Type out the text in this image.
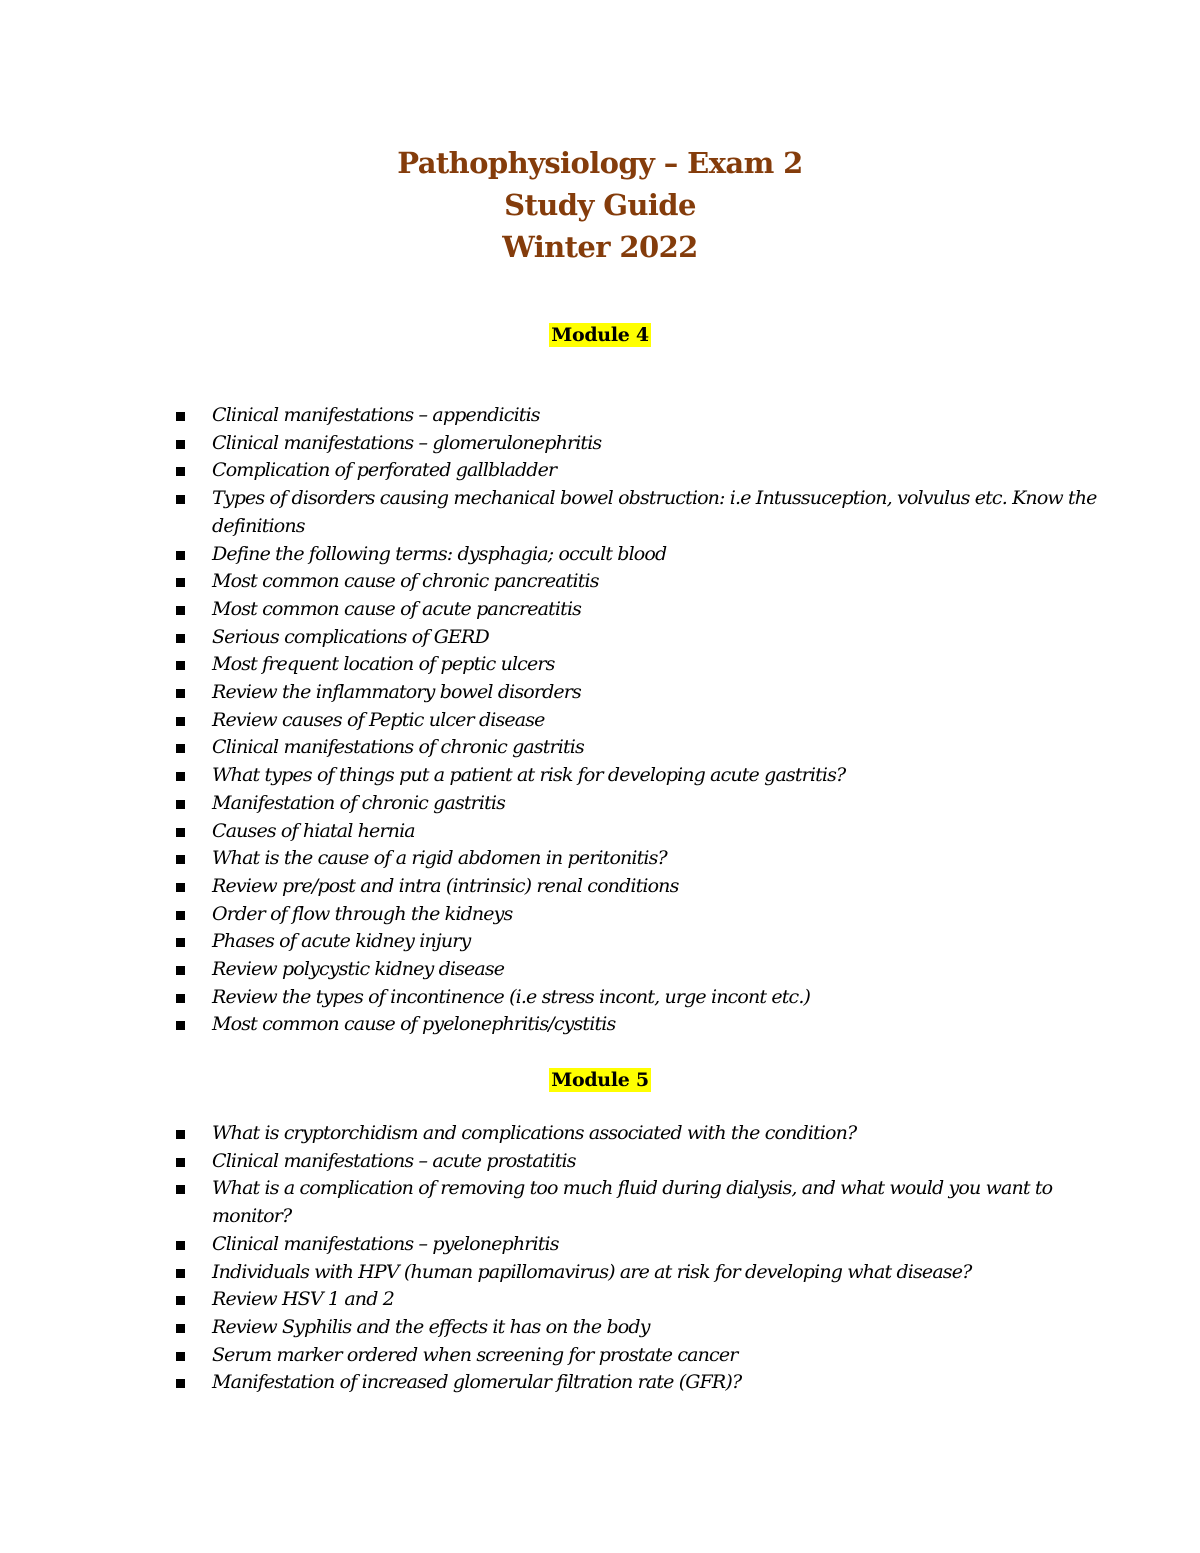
Pathophysiology – Exam 2
Study Guide
Winter 2022
Module 4
Clinical manifestations – appendicitis
Clinical manifestations – glomerulonephritis
Complication of perforated gallbladder
Types of disorders causing mechanical bowel obstruction: i.e Intussuception, volvulus etc. Know the definitions
Define the following terms: dysphagia; occult blood
Most common cause of chronic pancreatitis
Most common cause of acute pancreatitis
Serious complications of GERD
Most frequent location of peptic ulcers
Review the inflammatory bowel disorders
Review causes of Peptic ulcer disease
Clinical manifestations of chronic gastritis
What types of things put a patient at risk for developing acute gastritis?
Manifestation of chronic gastritis
Causes of hiatal hernia
What is the cause of a rigid abdomen in peritonitis?
Review pre/post and intra (intrinsic) renal conditions
Order of flow through the kidneys
Phases of acute kidney injury
Review polycystic kidney disease
Review the types of incontinence (i.e stress incont, urge incont etc.)
Most common cause of pyelonephritis/cystitis
Module 5
What is cryptorchidism and complications associated with the condition?
Clinical manifestations – acute prostatitis
What is a complication of removing too much fluid during dialysis, and what would you want to monitor?
Clinical manifestations – pyelonephritis
Individuals with HPV (human papillomavirus) are at risk for developing what disease?
Review HSV 1 and 2
Review Syphilis and the effects it has on the body
Serum marker ordered when screening for prostate cancer
Manifestation of increased glomerular filtration rate (GFR)?
